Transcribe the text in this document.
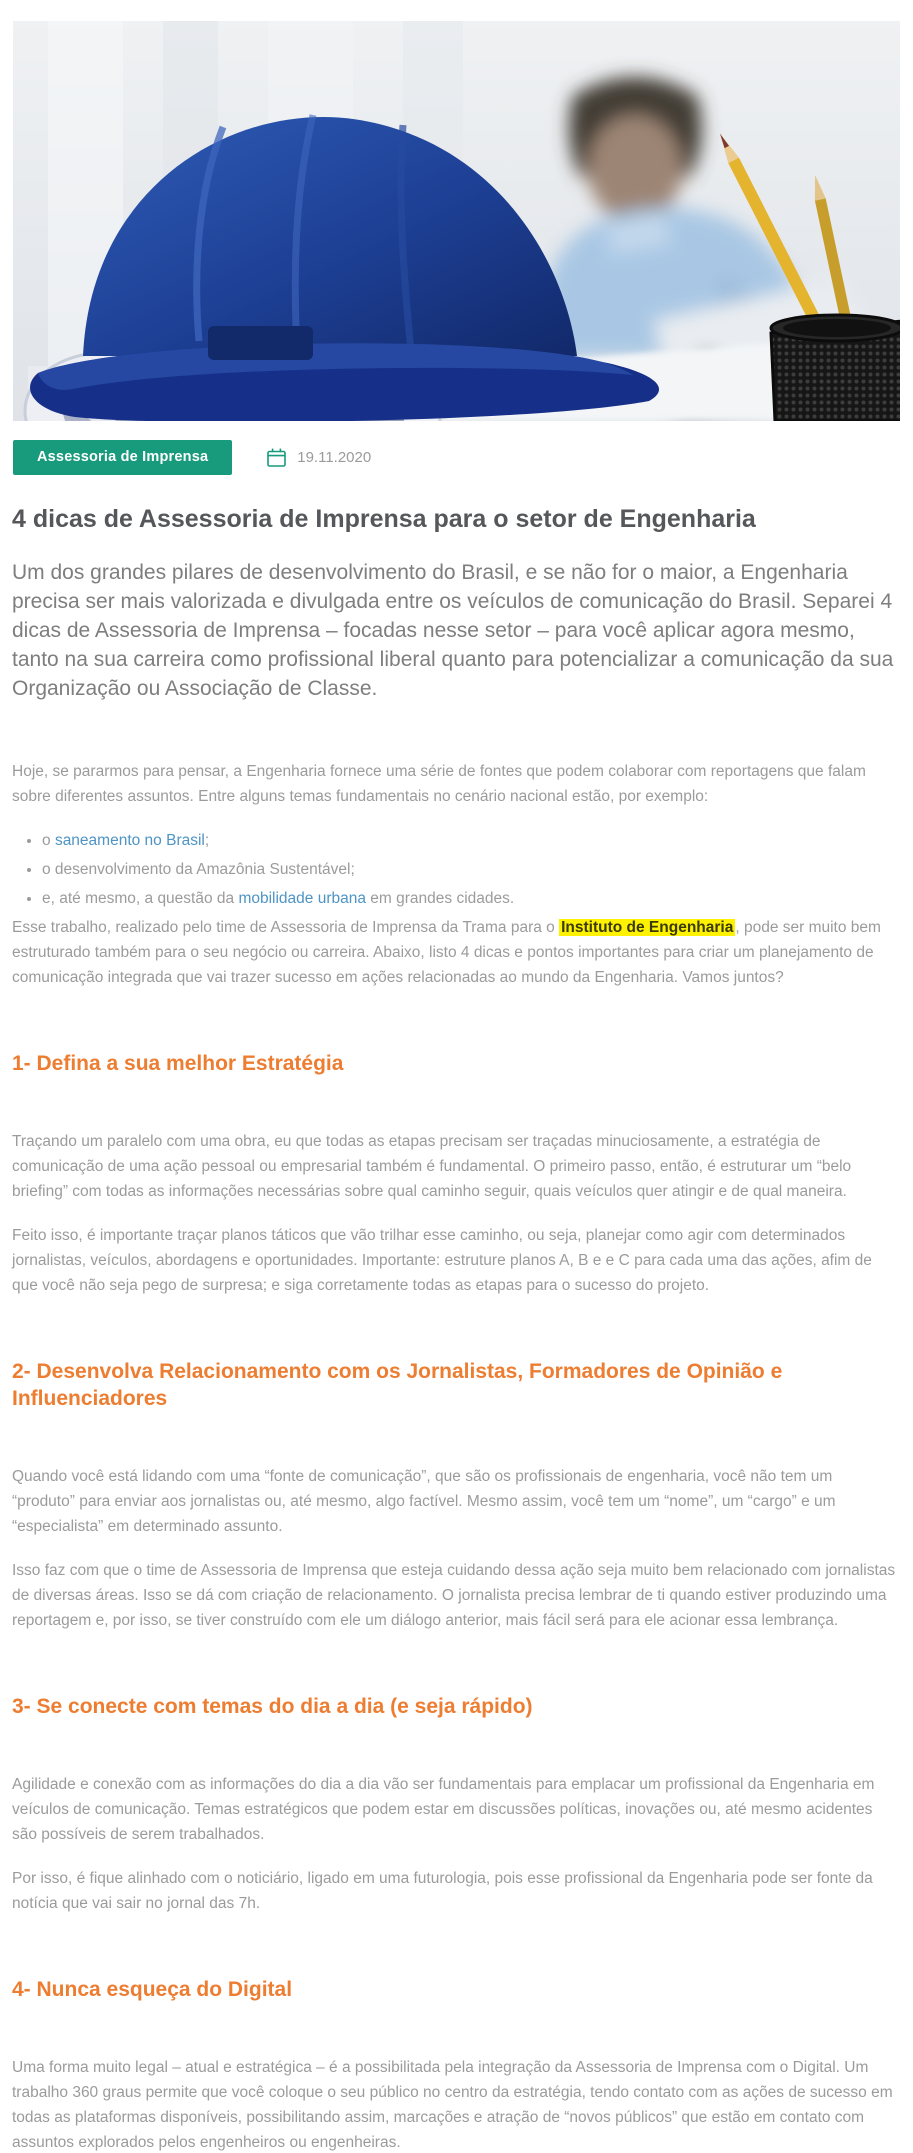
Assessoria de Imprensa	19.11.2020
4 dicas de Assessoria de Imprensa para o setor de Engenharia

Um dos grandes pilares de desenvolvimento do Brasil, e se não for o maior, a Engenharia precisa ser mais valorizada e divulgada entre os veículos de comunicação do Brasil. Separei 4 dicas de Assessoria de Imprensa – focadas nesse setor – para você aplicar agora mesmo, tanto na sua carreira como profissional liberal quanto para potencializar a comunicação da sua Organização ou Associação de Classe.

Hoje, se pararmos para pensar, a Engenharia fornece uma série de fontes que podem colaborar com reportagens que falam sobre diferentes assuntos. Entre alguns temas fundamentais no cenário nacional estão, por exemplo:

• o saneamento no Brasil;
• o desenvolvimento da Amazônia Sustentável;
• e, até mesmo, a questão da mobilidade urbana em grandes cidades.

Esse trabalho, realizado pelo time de Assessoria de Imprensa da Trama para o Instituto de Engenharia , pode ser muito bem estruturado também para o seu negócio ou carreira. Abaixo, listo 4 dicas e pontos importantes para criar um planejamento de comunicação integrada que vai trazer sucesso em ações relacionadas ao mundo da Engenharia. Vamos juntos?

1- Defina a sua melhor Estratégia

Traçando um paralelo com uma obra, eu que todas as etapas precisam ser traçadas minuciosamente, a estratégia de comunicação de uma ação pessoal ou empresarial também é fundamental. O primeiro passo, então, é estruturar um “belo briefing” com todas as informações necessárias sobre qual caminho seguir, quais veículos quer atingir e de qual maneira.

Feito isso, é importante traçar planos táticos que vão trilhar esse caminho, ou seja, planejar como agir com determinados jornalistas, veículos, abordagens e oportunidades. Importante: estruture planos A, B e e C para cada uma das ações, afim de que você não seja pego de surpresa; e siga corretamente todas as etapas para o sucesso do projeto.

2- Desenvolva Relacionamento com os Jornalistas, Formadores de Opinião e Influenciadores

Quando você está lidando com uma “fonte de comunicação”, que são os profissionais de engenharia, você não tem um “produto” para enviar aos jornalistas ou, até mesmo, algo factível. Mesmo assim, você tem um “nome”, um “cargo” e um “especialista” em determinado assunto.

Isso faz com que o time de Assessoria de Imprensa que esteja cuidando dessa ação seja muito bem relacionado com jornalistas de diversas áreas. Isso se dá com criação de relacionamento. O jornalista precisa lembrar de ti quando estiver produzindo uma reportagem e, por isso, se tiver construído com ele um diálogo anterior, mais fácil será para ele acionar essa lembrança.

3- Se conecte com temas do dia a dia (e seja rápido)

Agilidade e conexão com as informações do dia a dia vão ser fundamentais para emplacar um profissional da Engenharia em veículos de comunicação. Temas estratégicos que podem estar em discussões políticas, inovações ou, até mesmo acidentes são possíveis de serem trabalhados.

Por isso, é fique alinhado com o noticiário, ligado em uma futurologia, pois esse profissional da Engenharia pode ser fonte da notícia que vai sair no jornal das 7h.

4- Nunca esqueça do Digital

Uma forma muito legal – atual e estratégica – é a possibilitada pela integração da Assessoria de Imprensa com o Digital. Um trabalho 360 graus permite que você coloque o seu público no centro da estratégia, tendo contato com as ações de sucesso em todas as plataformas disponíveis, possibilitando assim, marcações e atração de “novos públicos” que estão em contato com assuntos explorados pelos engenheiros ou engenheiras.
